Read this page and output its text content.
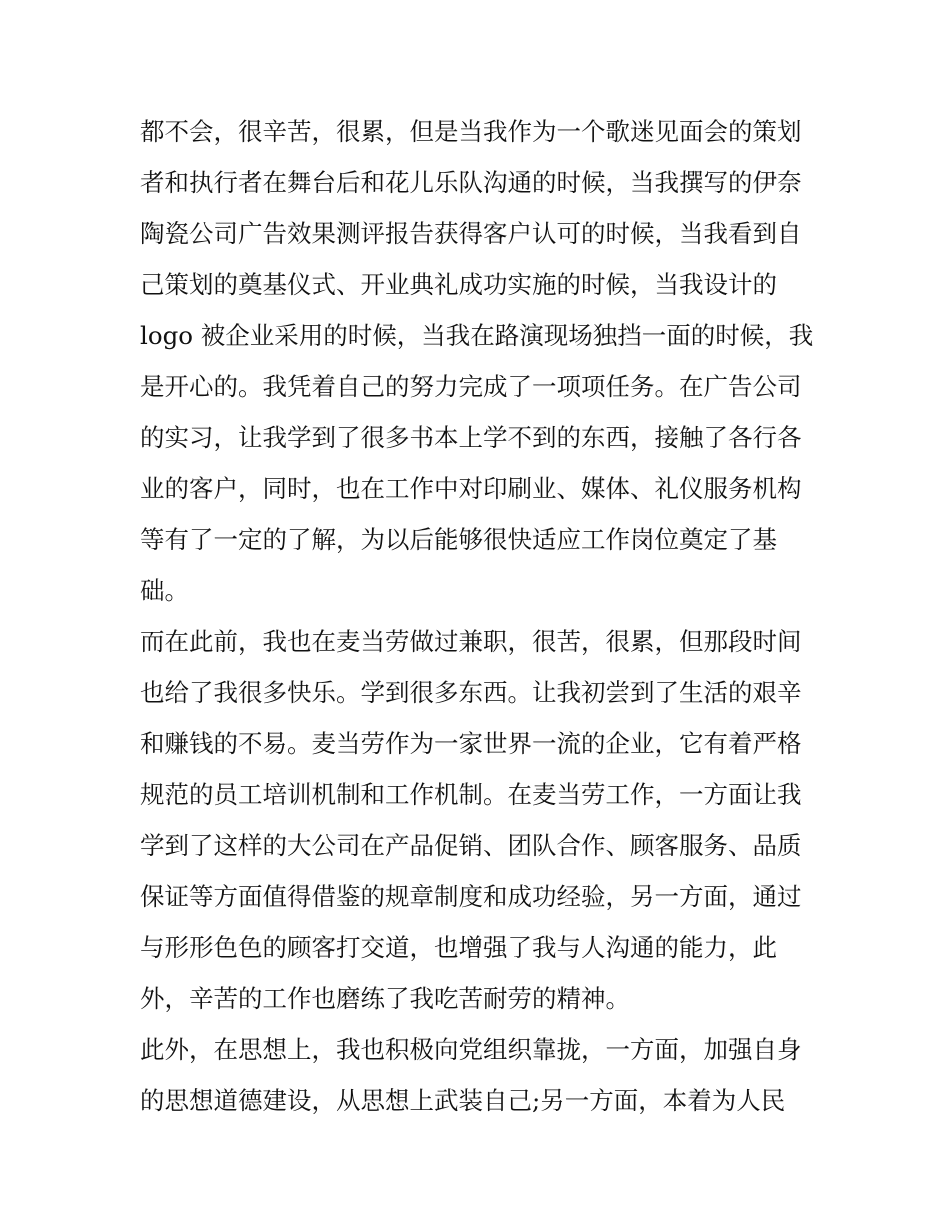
都不会，很辛苦，很累，但是当我作为一个歌迷见面会的策划
者和执行者在舞台后和花儿乐队沟通的时候，当我撰写的伊奈
陶瓷公司广告效果测评报告获得客户认可的时候，当我看到自
己策划的奠基仪式、开业典礼成功实施的时候，当我设计的
logo 被企业采用的时候，当我在路演现场独挡一面的时候，我
是开心的。我凭着自己的努力完成了一项项任务。在广告公司
的实习，让我学到了很多书本上学不到的东西，接触了各行各
业的客户，同时，也在工作中对印刷业、媒体、礼仪服务机构
等有了一定的了解，为以后能够很快适应工作岗位奠定了基
础。
而在此前，我也在麦当劳做过兼职，很苦，很累，但那段时间
也给了我很多快乐。学到很多东西。让我初尝到了生活的艰辛
和赚钱的不易。麦当劳作为一家世界一流的企业，它有着严格
规范的员工培训机制和工作机制。在麦当劳工作，一方面让我
学到了这样的大公司在产品促销、团队合作、顾客服务、品质
保证等方面值得借鉴的规章制度和成功经验，另一方面，通过
与形形色色的顾客打交道，也增强了我与人沟通的能力，此
外，辛苦的工作也磨练了我吃苦耐劳的精神。
此外，在思想上，我也积极向党组织靠拢，一方面，加强自身
的思想道德建设，从思想上武装自己;另一方面，本着为人民
